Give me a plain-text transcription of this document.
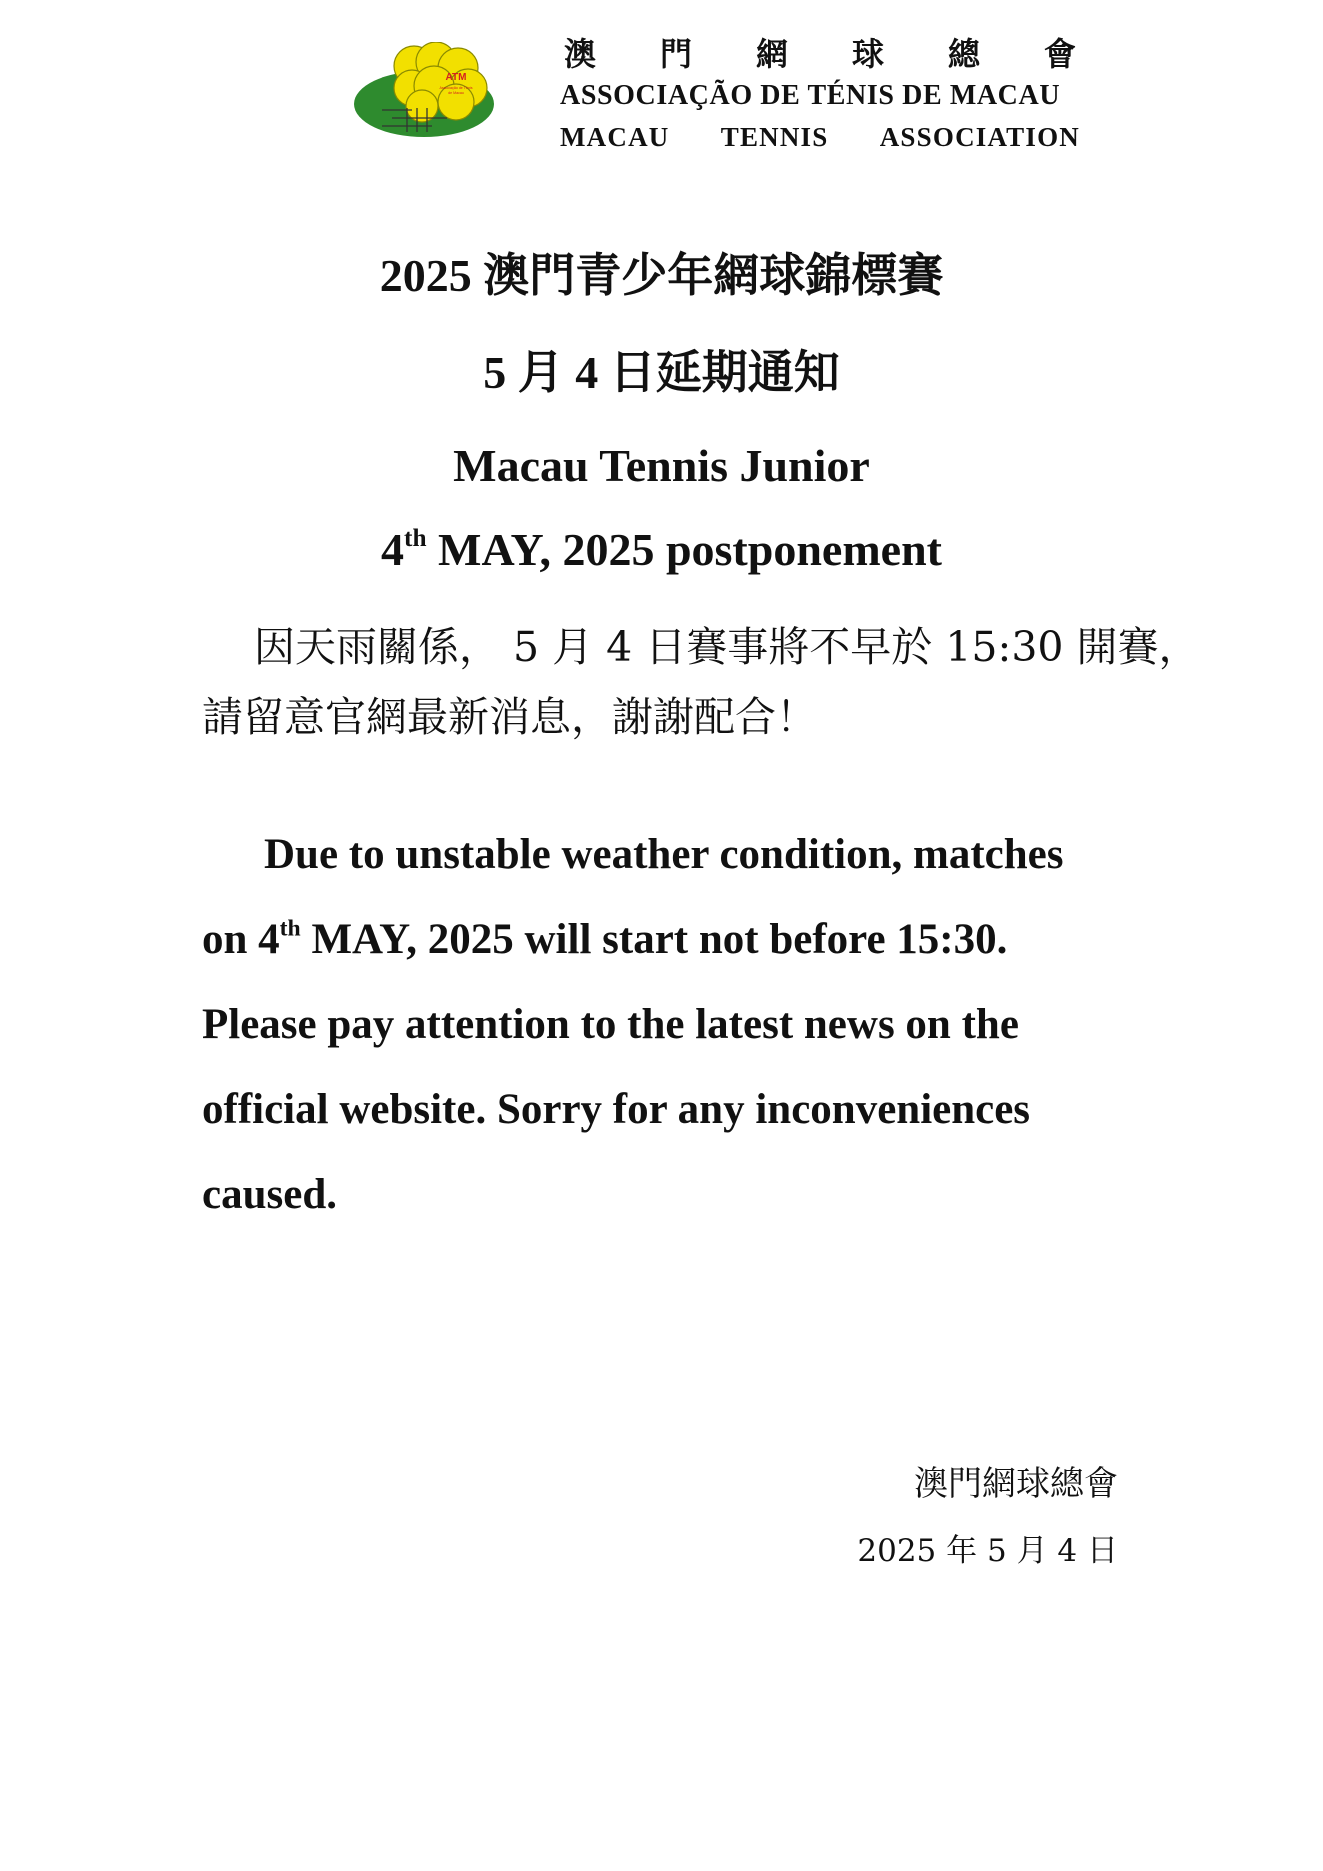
ATM
Associação de Ténis
de Macau
澳 門 網 球 總 會
ASSOCIAÇÃO DE TÉNIS DE MACAU
MACAU TENNIS ASSOCIATION
2025 澳門青少年網球錦標賽
5 月 4 日延期通知
Macau Tennis Junior
4th MAY, 2025 postponement
因天雨關係， 5 月 4 日賽事將不早於 15:30 開賽，
請留意官網最新消息，謝謝配合！
Due to unstable weather condition, matches
on 4th MAY, 2025 will start not before 15:30.
Please pay attention to the latest news on the
official website. Sorry for any inconveniences
caused.
澳門網球總會
2025 年 5 月 4 日
